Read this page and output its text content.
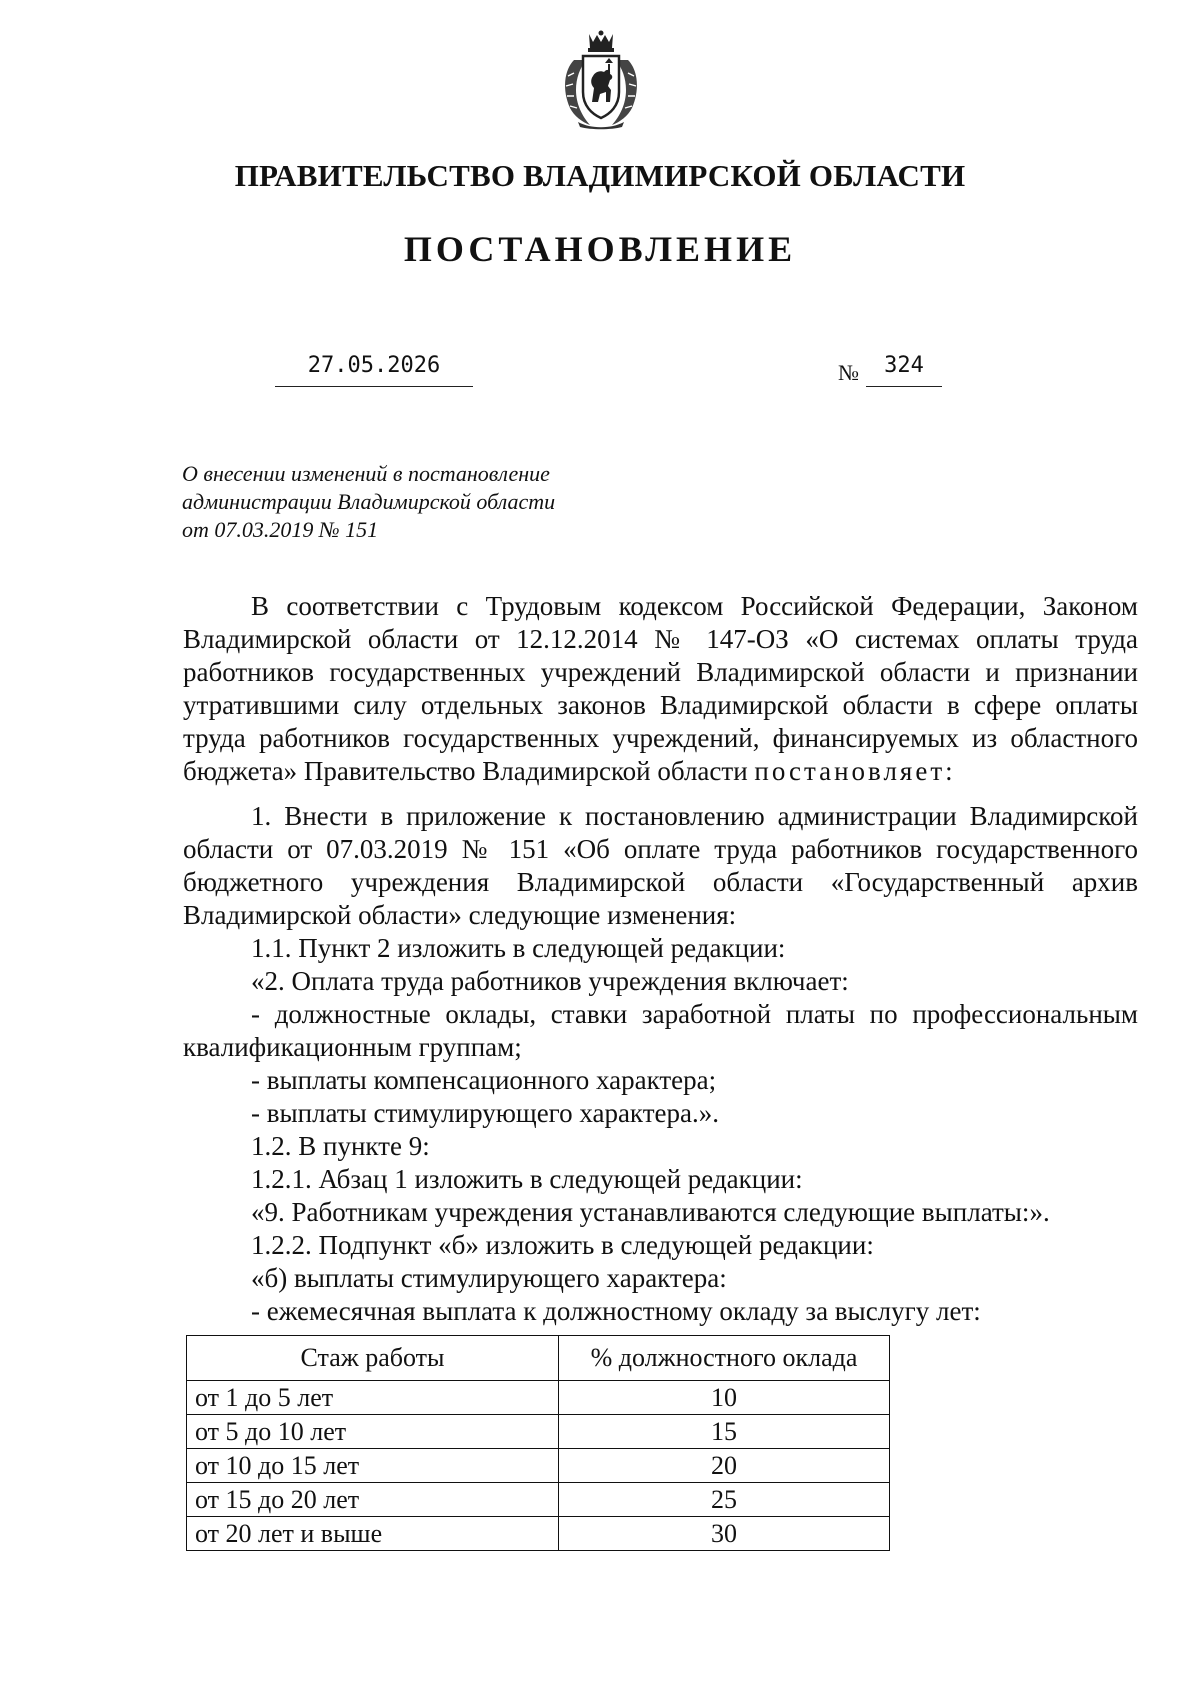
ПРАВИТЕЛЬСТВО ВЛАДИМИРСКОЙ ОБЛАСТИ
ПОСТАНОВЛЕНИЕ
27.05.2026	№	324
О внесении изменений в постановление
администрации Владимирской области
от 07.03.2019 № 151

В соответствии с Трудовым кодексом Российской Федерации, Законом Владимирской области от 12.12.2014 № 147-ОЗ «О системах оплаты труда работников государственных учреждений Владимирской области и признании утратившими силу отдельных законов Владимирской области в сфере оплаты труда работников государственных учреждений, финансируемых из областного бюджета» Правительство Владимирской области постановляет:

1. Внести в приложение к постановлению администрации Владимирской области от 07.03.2019 № 151 «Об оплате труда работников государственного бюджетного учреждения Владимирской области «Государственный архив Владимирской области» следующие изменения:

1.1. Пункт 2 изложить в следующей редакции:

«2. Оплата труда работников учреждения включает:

- должностные оклады, ставки заработной платы по профессиональным квалификационным группам;

- выплаты компенсационного характера;

- выплаты стимулирующего характера.».

1.2. В пункте 9:

1.2.1. Абзац 1 изложить в следующей редакции:

«9. Работникам учреждения устанавливаются следующие выплаты:».

1.2.2. Подпункт «б» изложить в следующей редакции:

«б) выплаты стимулирующего характера:

- ежемесячная выплата к должностному окладу за выслугу лет:

Стаж работы	% должностного оклада
от 1 до 5 лет	10
от 5 до 10 лет	15
от 10 до 15 лет	20
от 15 до 20 лет	25
от 20 лет и выше	30
